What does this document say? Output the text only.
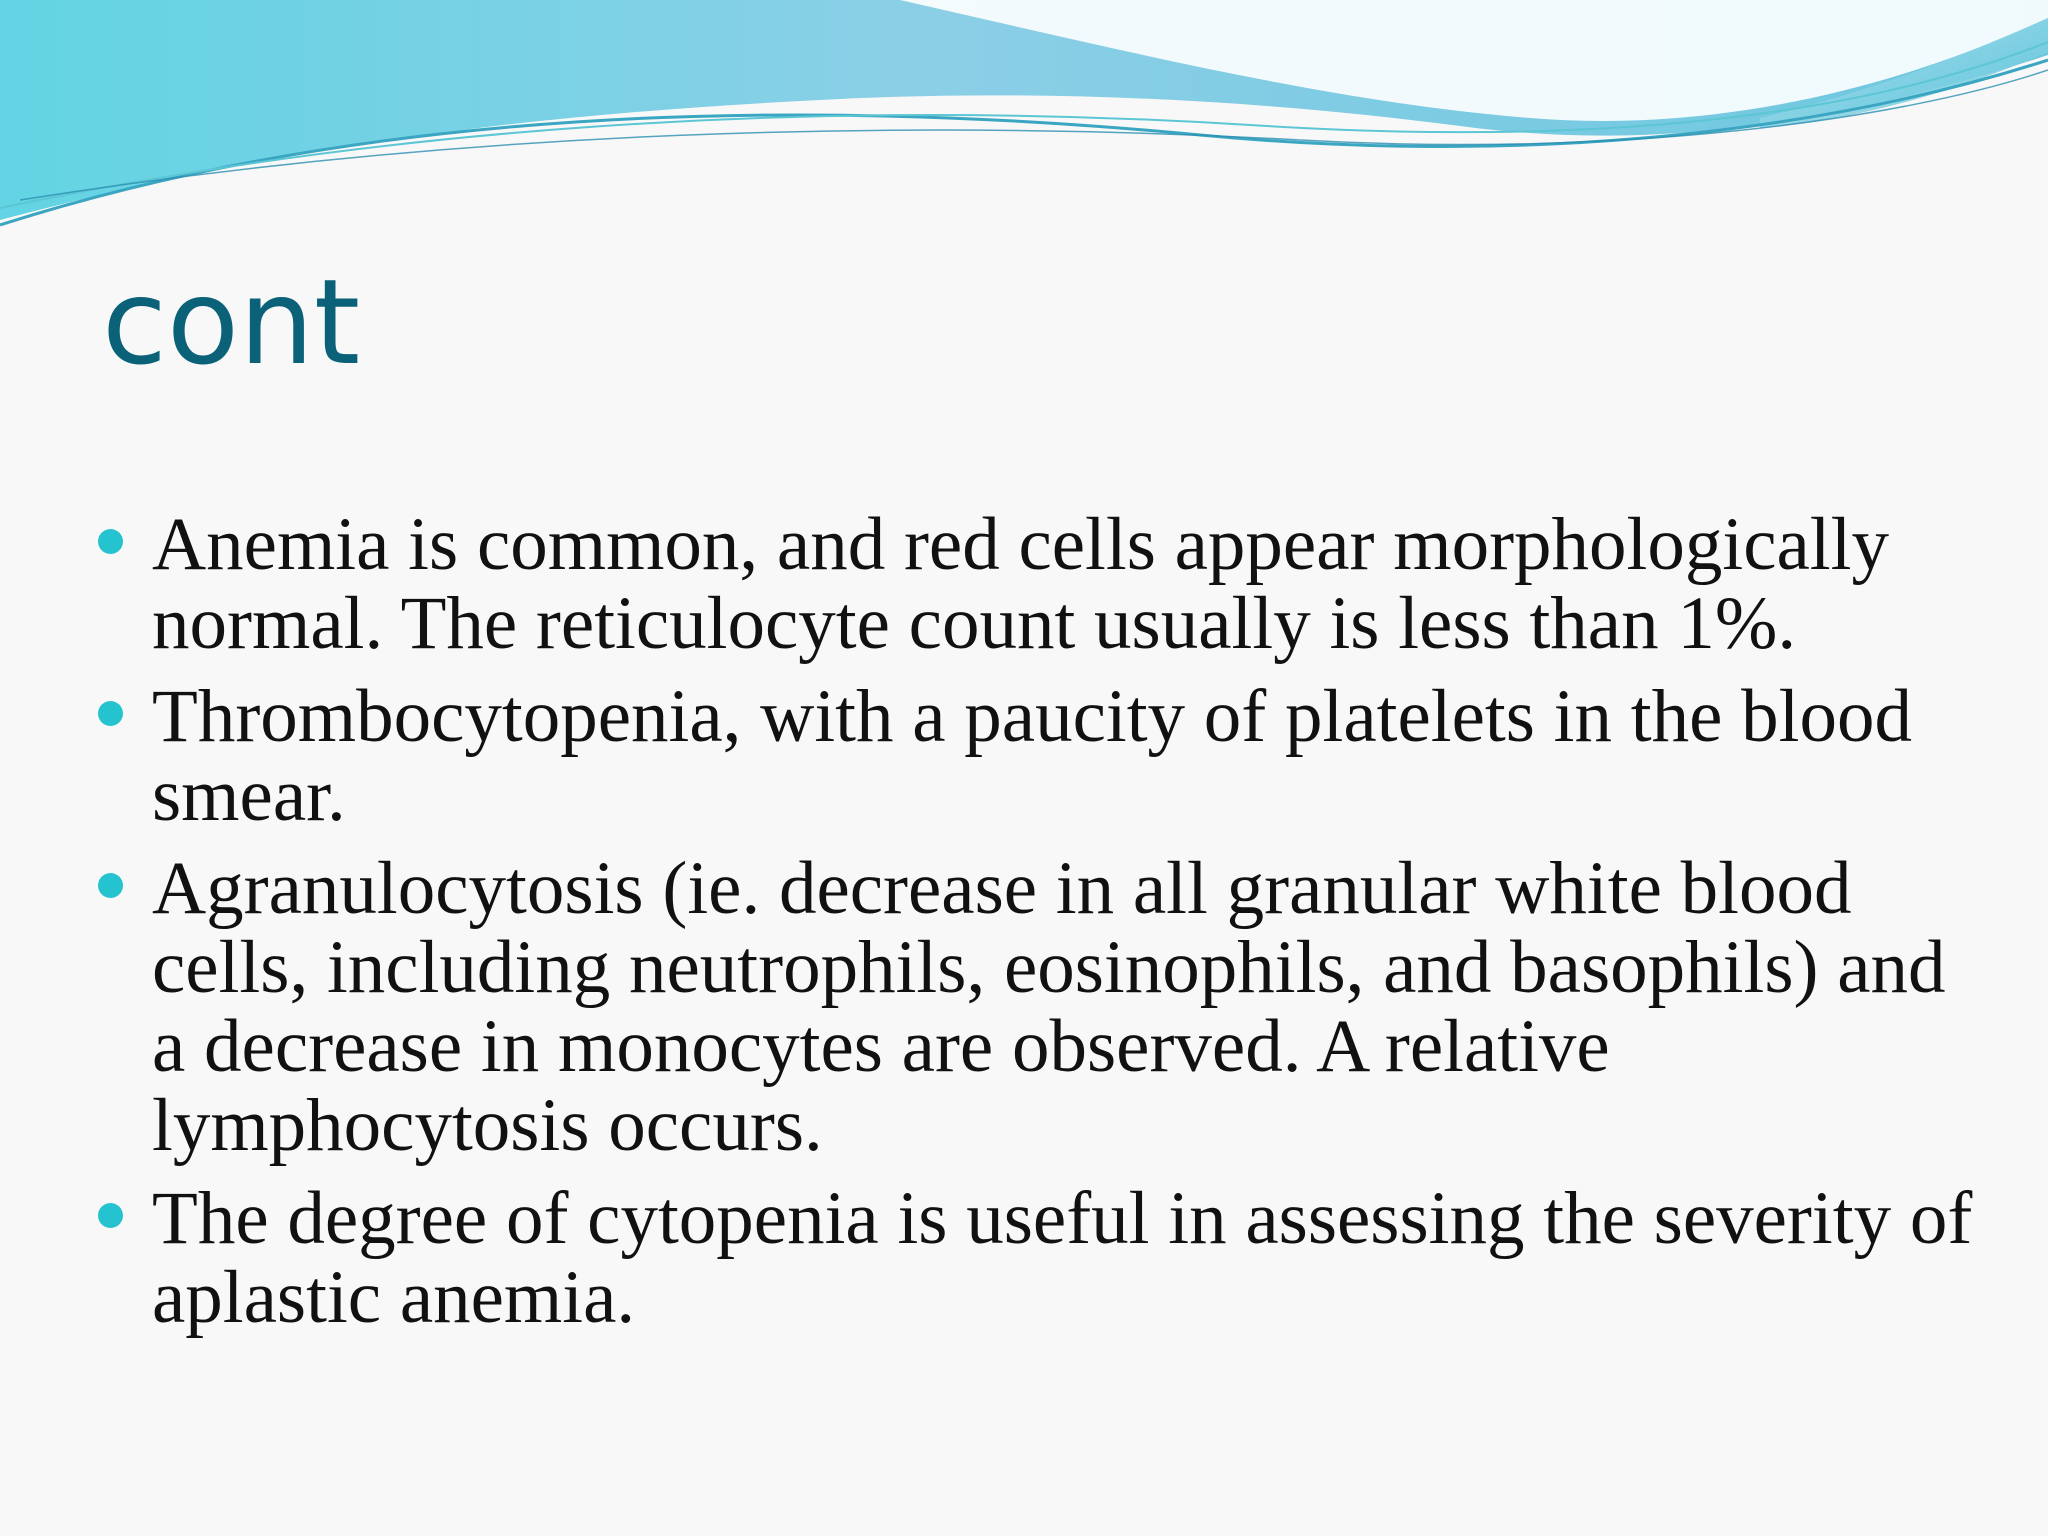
cont
Anemia is common, and red cells appear morphologically normal. The reticulocyte count usually is less than 1%.
Thrombocytopenia, with a paucity of platelets in the blood smear.
Agranulocytosis (ie. decrease in all granular white blood cells, including neutrophils, eosinophils, and basophils) and a decrease in monocytes are observed. A relative lymphocytosis occurs.
The degree of cytopenia is useful in assessing the severity of aplastic anemia.
